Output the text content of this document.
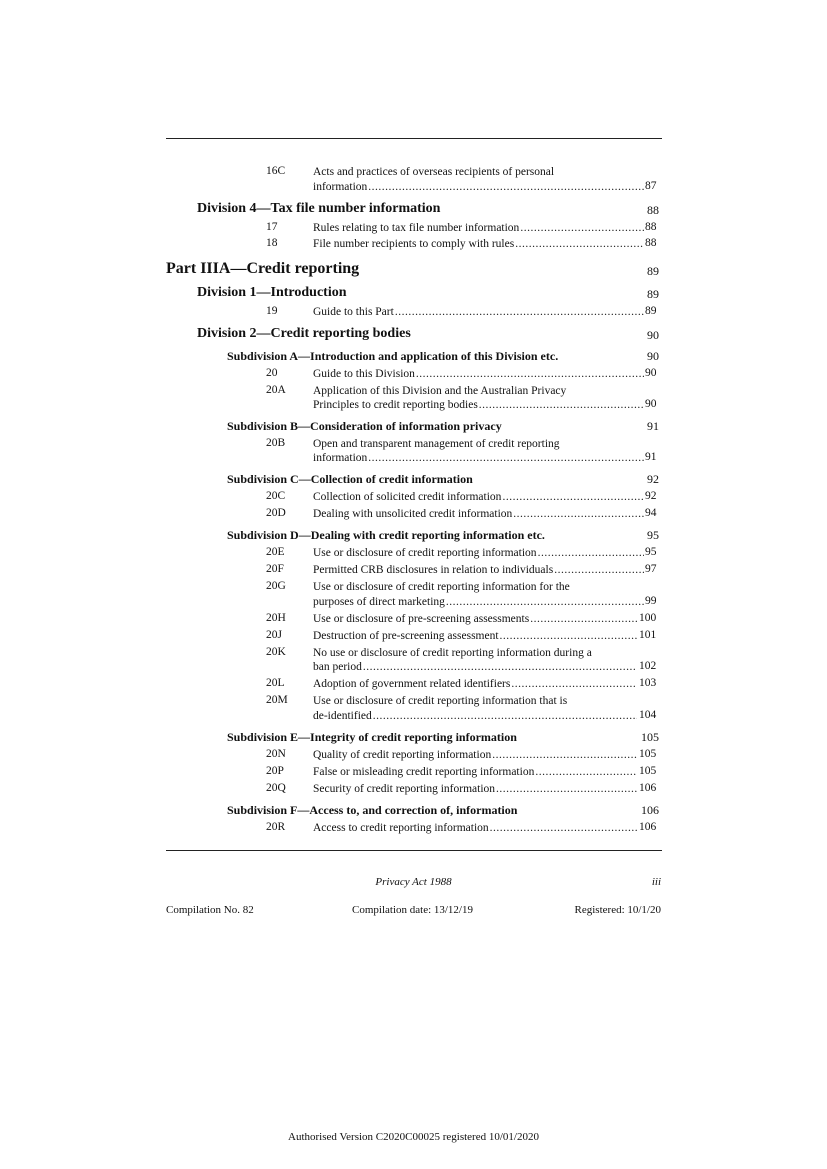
16C Acts and practices of overseas recipients of personal
information .....	87
Division 4—Tax file number information	88
17	Rules relating to tax file number information .....	88
18	File number recipients to comply with rules .....	88
Part IIIA—Credit reporting	89
Division 1—Introduction	89
19	Guide to this Part .....	89
Division 2—Credit reporting bodies	90
Subdivision A—Introduction and application of this Division etc.	90
20	Guide to this Division .....	90
20A Application of this Division and the Australian Privacy
Principles to credit reporting bodies .....	90
Subdivision B—Consideration of information privacy	91
20B Open and transparent management of credit reporting
information .....	91
Subdivision C—Collection of credit information	92
20C Collection of solicited credit information .....	92
20D Dealing with unsolicited credit information .....	94
Subdivision D—Dealing with credit reporting information etc.	95
20E Use or disclosure of credit reporting information .....	95
20F	Permitted CRB disclosures in relation to individuals .....	97
20G Use or disclosure of credit reporting information for the
purposes of direct marketing .....	99
20H Use or disclosure of pre-screening assessments .....	100
20J	Destruction of pre-screening assessment .....	101
20K No use or disclosure of credit reporting information during a
ban period .....	102
20L Adoption of government related identifiers .....	103
20M Use or disclosure of credit reporting information that is
de-identified .....	104
Subdivision E—Integrity of credit reporting information	105
20N Quality of credit reporting information .....	105
20P	False or misleading credit reporting information .....	105
20Q Security of credit reporting information .....	106
Subdivision F—Access to, and correction of, information	106
20R Access to credit reporting information .....	106
Privacy Act 1988	iii
Compilation No. 82	Compilation date: 13/12/19	Registered: 10/1/20
Authorised Version C2020C00025 registered 10/01/2020
